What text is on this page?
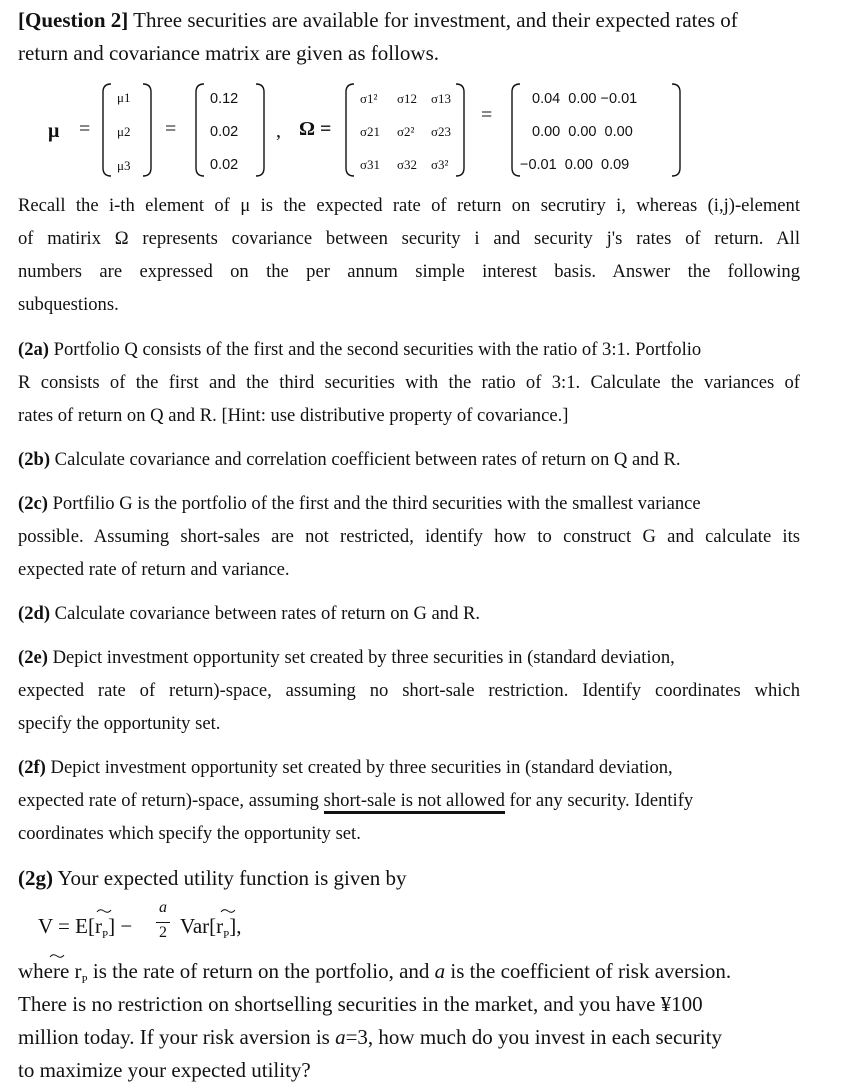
[Question 2] Three securities are available for investment, and their expected rates of
return and covariance matrix are given as follows.
μ =
μ1
μ2
μ3
=
0.12
0.02
0.02
, Ω =
σ1² σ12 σ13
σ21 σ2² σ23
σ31 σ32 σ3²
=
0.04  0.00 −0.01
0.00  0.00  0.00
−0.01  0.00  0.09
Recall the i-th element of μ is the expected rate of return on secrutiry i, whereas (i,j)-element
of matirix Ω represents covariance between security i and security j's rates of return. All
numbers are expressed on the per annum simple interest basis. Answer the following
subquestions.
(2a) Portfolio Q consists of the first and the second securities with the ratio of 3:1. Portfolio
R consists of the first and the third securities with the ratio of 3:1. Calculate the variances of
rates of return on Q and R. [Hint: use distributive property of covariance.]
(2b) Calculate covariance and correlation coefficient between rates of return on Q and R.
(2c) Portfilio G is the portfolio of the first and the third securities with the smallest variance
possible. Assuming short-sales are not restricted, identify how to construct G and calculate its
expected rate of return and variance.
(2d) Calculate covariance between rates of return on G and R.
(2e) Depict investment opportunity set created by three securities in (standard deviation,
expected rate of return)-space, assuming no short-sale restriction. Identify coordinates which
specify the opportunity set.
(2f) Depict investment opportunity set created by three securities in (standard deviation,
expected rate of return)-space, assuming short-sale is not allowed for any security. Identify
coordinates which specify the opportunity set.
(2g) Your expected utility function is given by
$V = E[r_P]$ −
a
2 $Var[r_P]$,
where $r_P$ is the rate of return on the portfolio, and a is the coefficient of risk aversion.
There is no restriction on shortselling securities in the market, and you have ¥100
million today. If your risk aversion is a=3, how much do you invest in each security
to maximize your expected utility?
